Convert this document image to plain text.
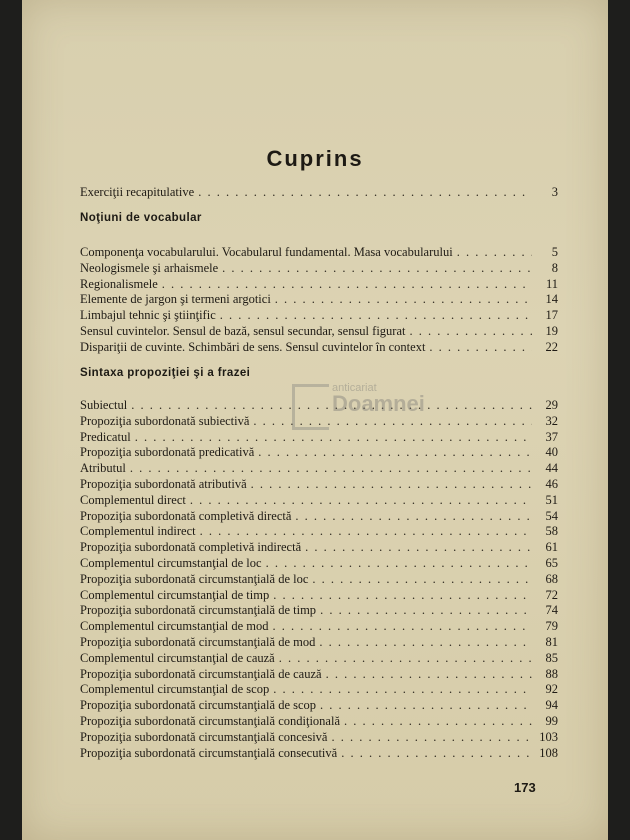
Cuprins
Exerciţii recapitulative . . .	3
Noţiuni de vocabular
Componenţa vocabularului. Vocabularul fundamental. Masa vocabularului . . .	5
Neologismele şi arhaismele . . .	8
Regionalismele . . .	11
Elemente de jargon şi termeni argotici . . .	14
Limbajul tehnic şi ştiinţific . . .	17
Sensul cuvintelor. Sensul de bază, sensul secundar, sensul figurat . . .	19
Dispariţii de cuvinte. Schimbări de sens. Sensul cuvintelor în context . . .	22
Sintaxa propoziţiei şi a frazei
Subiectul . . .	29
Propoziţia subordonată subiectivă . . .	32
Predicatul . . .	37
Propoziţia subordonată predicativă . . .	40
Atributul . . .	44
Propoziţia subordonată atributivă . . .	46
Complementul direct . . .	51
Propoziţia subordonată completivă directă . . .	54
Complementul indirect . . .	58
Propoziţia subordonată completivă indirectă . . .	61
Complementul circumstanţial de loc . . .	65
Propoziţia subordonată circumstanţială de loc . . .	68
Complementul circumstanţial de timp . . .	72
Propoziţia subordonată circumstanţială de timp . . .	74
Complementul circumstanţial de mod . . .	79
Propoziţia subordonată circumstanţială de mod . . .	81
Complementul circumstanţial de cauză . . .	85
Propoziţia subordonată circumstanţială de cauză . . .	88
Complementul circumstanţial de scop . . .	92
Propoziţia subordonată circumstanţială de scop . . .	94
Propoziţia subordonată circumstanţială condiţională . . .	99
Propoziţia subordonată circumstanţială concesivă . . .	103
Propoziţia subordonată circumstanţială consecutivă . . .	108
anticariat
Doamnei
173
